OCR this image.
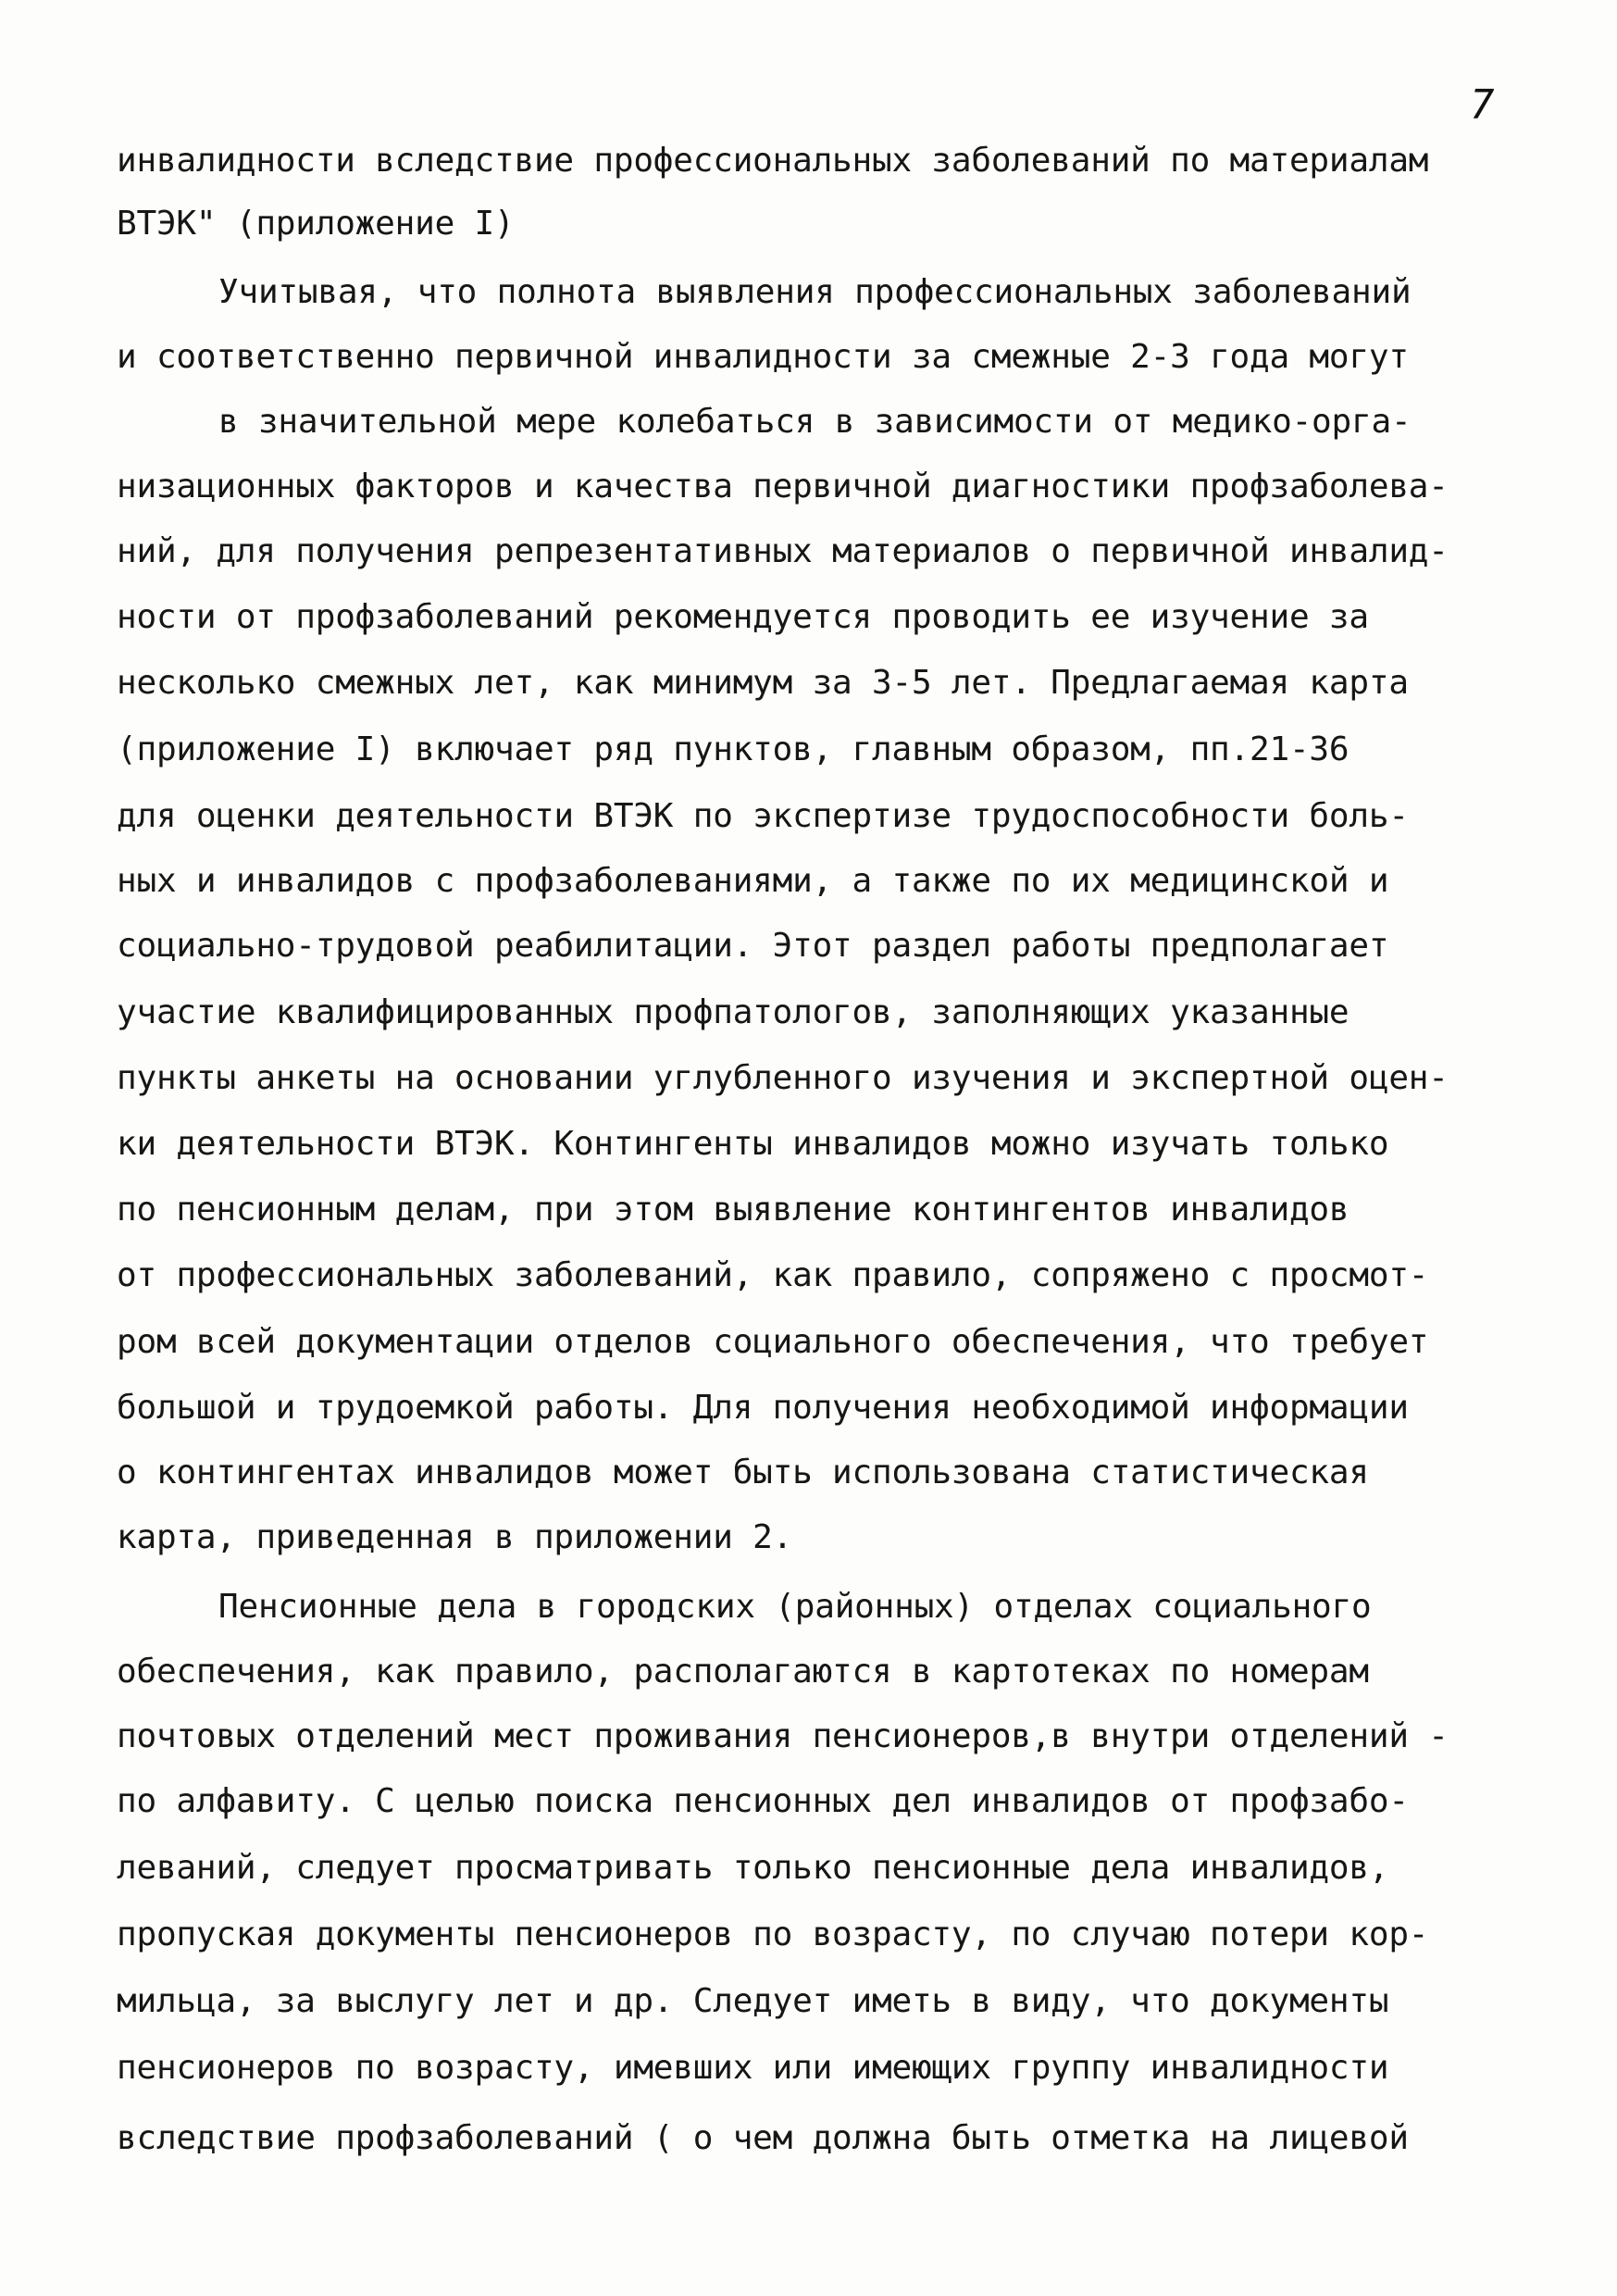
7
инвалидности вследствие профессиональных заболеваний по материалам
ВТЭК" (приложение I)
Учитывая, что полнота выявления профессиональных заболеваний
и соответственно первичной инвалидности за смежные 2-3 года могут
в значительной мере колебаться в зависимости от медико-орга-
низационных факторов и качества первичной диагностики профзаболева-
ний, для получения репрезентативных материалов о первичной инвалид-
ности от профзаболеваний рекомендуется проводить ее изучение за
несколько смежных лет, как минимум за 3-5 лет. Предлагаемая карта
(приложение I) включает ряд пунктов, главным образом, пп.21-36
для оценки деятельности ВТЭК по экспертизе трудоспособности боль-
ных и инвалидов с профзаболеваниями, а также по их медицинской и
социально-трудовой реабилитации. Этот раздел работы предполагает
участие квалифицированных профпатологов, заполняющих указанные
пункты анкеты на основании углубленного изучения и экспертной оцен-
ки деятельности ВТЭК. Контингенты инвалидов можно изучать только
по пенсионным делам, при этом выявление контингентов инвалидов
от профессиональных заболеваний, как правило, сопряжено с просмот-
ром всей документации отделов социального обеспечения, что требует
большой и трудоемкой работы. Для получения необходимой информации
о контингентах инвалидов может быть использована статистическая
карта, приведенная в приложении 2.
Пенсионные дела в городских (районных) отделах социального
обеспечения, как правило, располагаются в картотеках по номерам
почтовых отделений мест проживания пенсионеров,в внутри отделений -
по алфавиту. С целью поиска пенсионных дел инвалидов от профзабо-
леваний, следует просматривать только пенсионные дела инвалидов,
пропуская документы пенсионеров по возрасту, по случаю потери кор-
мильца, за выслугу лет и др. Следует иметь в виду, что документы
пенсионеров по возрасту, имевших или имеющих группу инвалидности
вследствие профзаболеваний ( о чем должна быть отметка на лицевой
